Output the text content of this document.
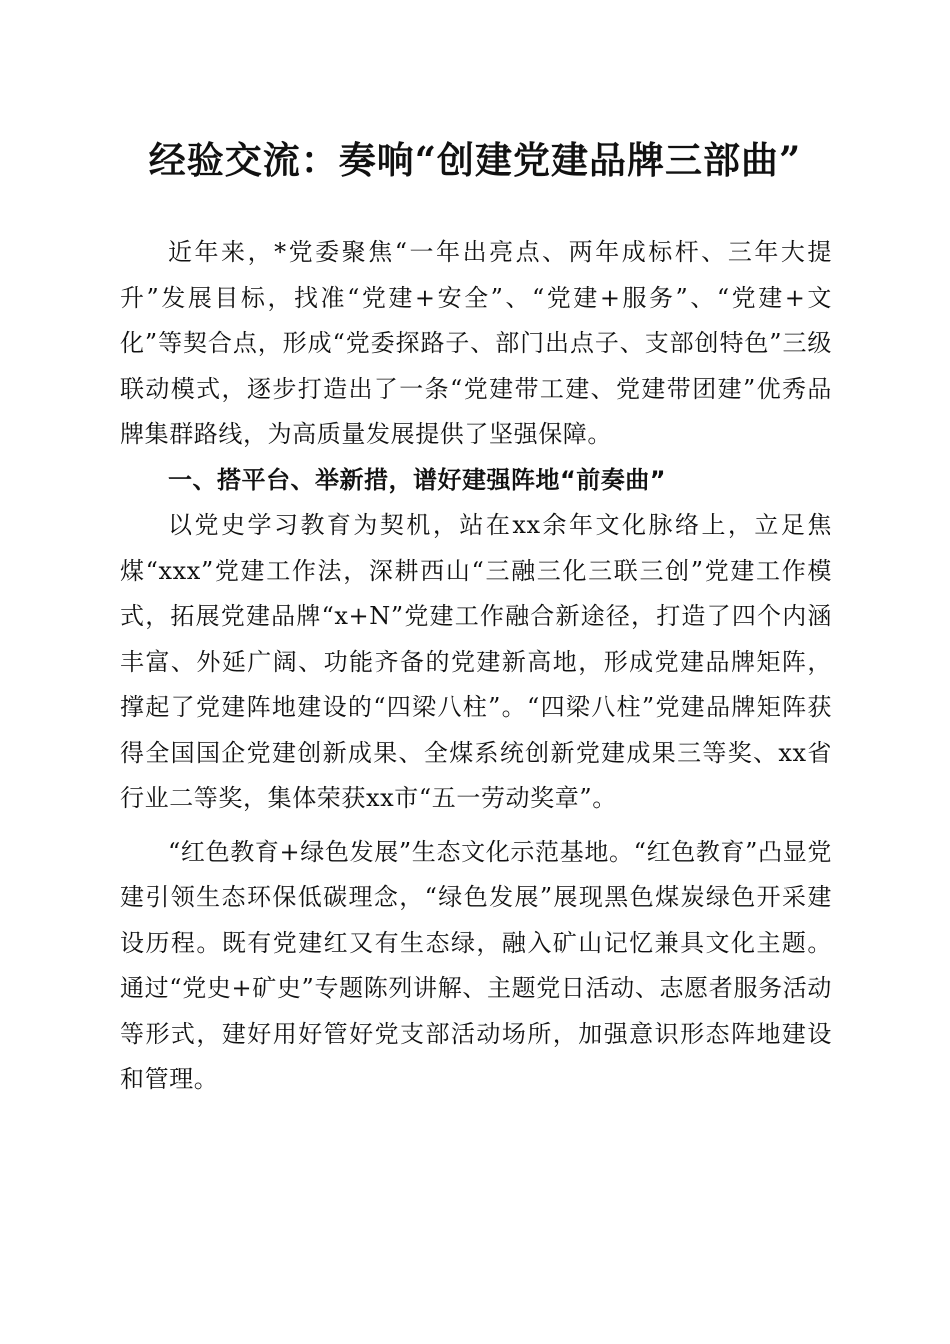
经验交流：奏响“创建党建品牌三部曲”

近年来，*党委聚焦“一年出亮点、两年成标杆、三年大提升”发展目标，找准“党建+安全”、“党建+服务”、“党建+文化”等契合点，形成“党委探路子、部门出点子、支部创特色”三级联动模式，逐步打造出了一条“党建带工建、党建带团建”优秀品牌集群路线，为高质量发展提供了坚强保障。

一、搭平台、举新措，谱好建强阵地“前奏曲”

以党史学习教育为契机，站在xx余年文化脉络上，立足焦煤“xxx”党建工作法，深耕西山“三融三化三联三创”党建工作模式，拓展党建品牌“x+N”党建工作融合新途径，打造了四个内涵丰富、外延广阔、功能齐备的党建新高地，形成党建品牌矩阵，撑起了党建阵地建设的“四梁八柱”。“四梁八柱”党建品牌矩阵获得全国国企党建创新成果、全煤系统创新党建成果三等奖、xx省行业二等奖，集体荣获xx市“五一劳动奖章”。

“红色教育+绿色发展”生态文化示范基地。“红色教育”凸显党建引领生态环保低碳理念，“绿色发展”展现黑色煤炭绿色开采建设历程。既有党建红又有生态绿，融入矿山记忆兼具文化主题。通过“党史+矿史”专题陈列讲解、主题党日活动、志愿者服务活动等形式，建好用好管好党支部活动场所，加强意识形态阵地建设和管理。
